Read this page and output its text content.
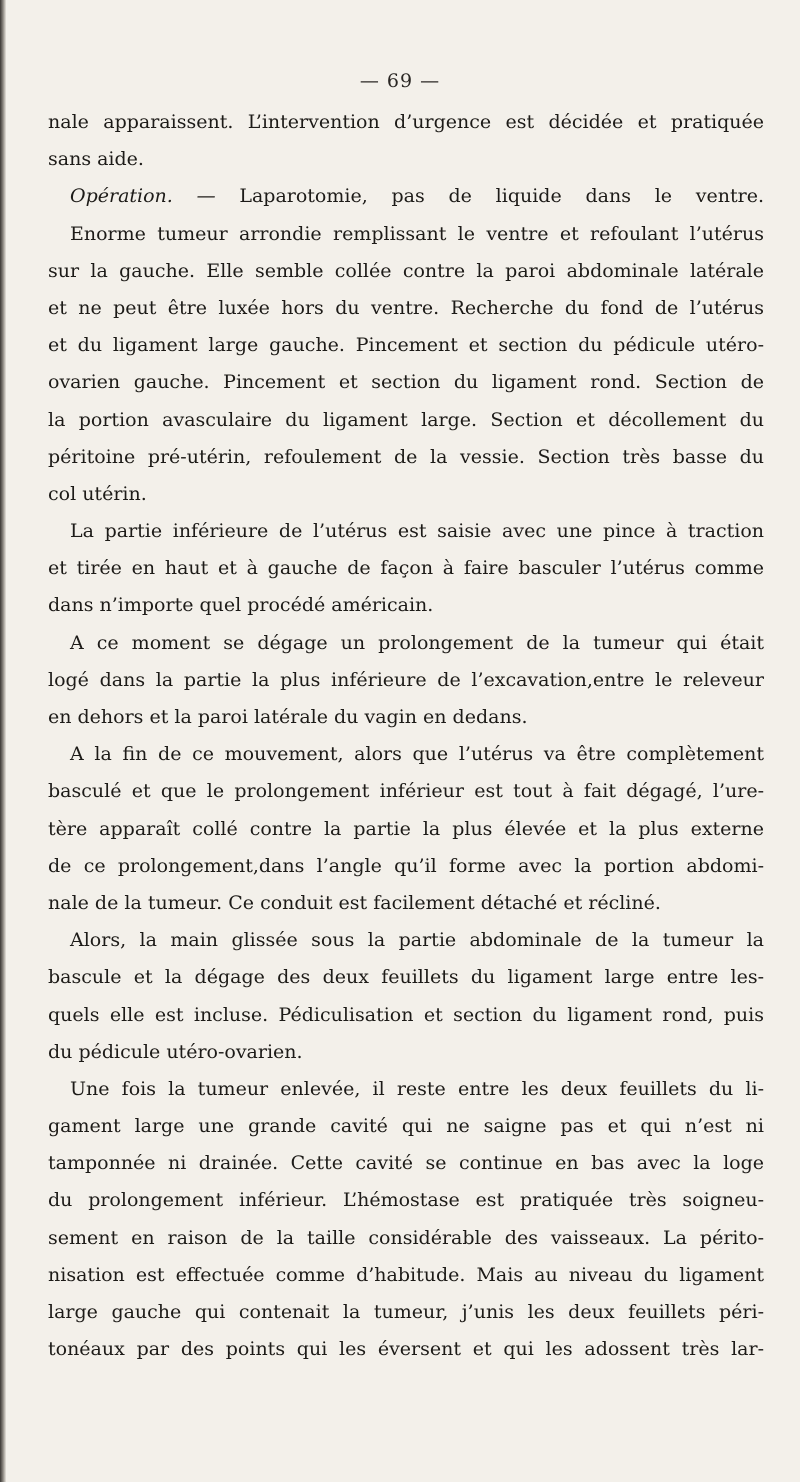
— 69 —
nale apparaissent. L’intervention d’urgence est décidée et pratiquée
sans aide.
Opération. — Laparotomie, pas de liquide dans le ventre.
Enorme tumeur arrondie remplissant le ventre et refoulant l’utérus
sur la gauche. Elle semble collée contre la paroi abdominale latérale
et ne peut être luxée hors du ventre. Recherche du fond de l’utérus
et du ligament large gauche. Pincement et section du pédicule utéro-
ovarien gauche. Pincement et section du ligament rond. Section de
la portion avasculaire du ligament large. Section et décollement du
péritoine pré-utérin, refoulement de la vessie. Section très basse du
col utérin.
La partie inférieure de l’utérus est saisie avec une pince à traction
et tirée en haut et à gauche de façon à faire basculer l’utérus comme
dans n’importe quel procédé américain.
A ce moment se dégage un prolongement de la tumeur qui était
logé dans la partie la plus inférieure de l’excavation,entre le releveur
en dehors et la paroi latérale du vagin en dedans.
A la fin de ce mouvement, alors que l’utérus va être complètement
basculé et que le prolongement inférieur est tout à fait dégagé, l’ure-
tère apparaît collé contre la partie la plus élevée et la plus externe
de ce prolongement,dans l’angle qu’il forme avec la portion abdomi-
nale de la tumeur. Ce conduit est facilement détaché et récliné.
Alors, la main glissée sous la partie abdominale de la tumeur la
bascule et la dégage des deux feuillets du ligament large entre les-
quels elle est incluse. Pédiculisation et section du ligament rond, puis
du pédicule utéro-ovarien.
Une fois la tumeur enlevée, il reste entre les deux feuillets du li-
gament large une grande cavité qui ne saigne pas et qui n’est ni
tamponnée ni drainée. Cette cavité se continue en bas avec la loge
du prolongement inférieur. L’hémostase est pratiquée très soigneu-
sement en raison de la taille considérable des vaisseaux. La périto-
nisation est effectuée comme d’habitude. Mais au niveau du ligament
large gauche qui contenait la tumeur, j’unis les deux feuillets péri-
tonéaux par des points qui les éversent et qui les adossent très lar-
